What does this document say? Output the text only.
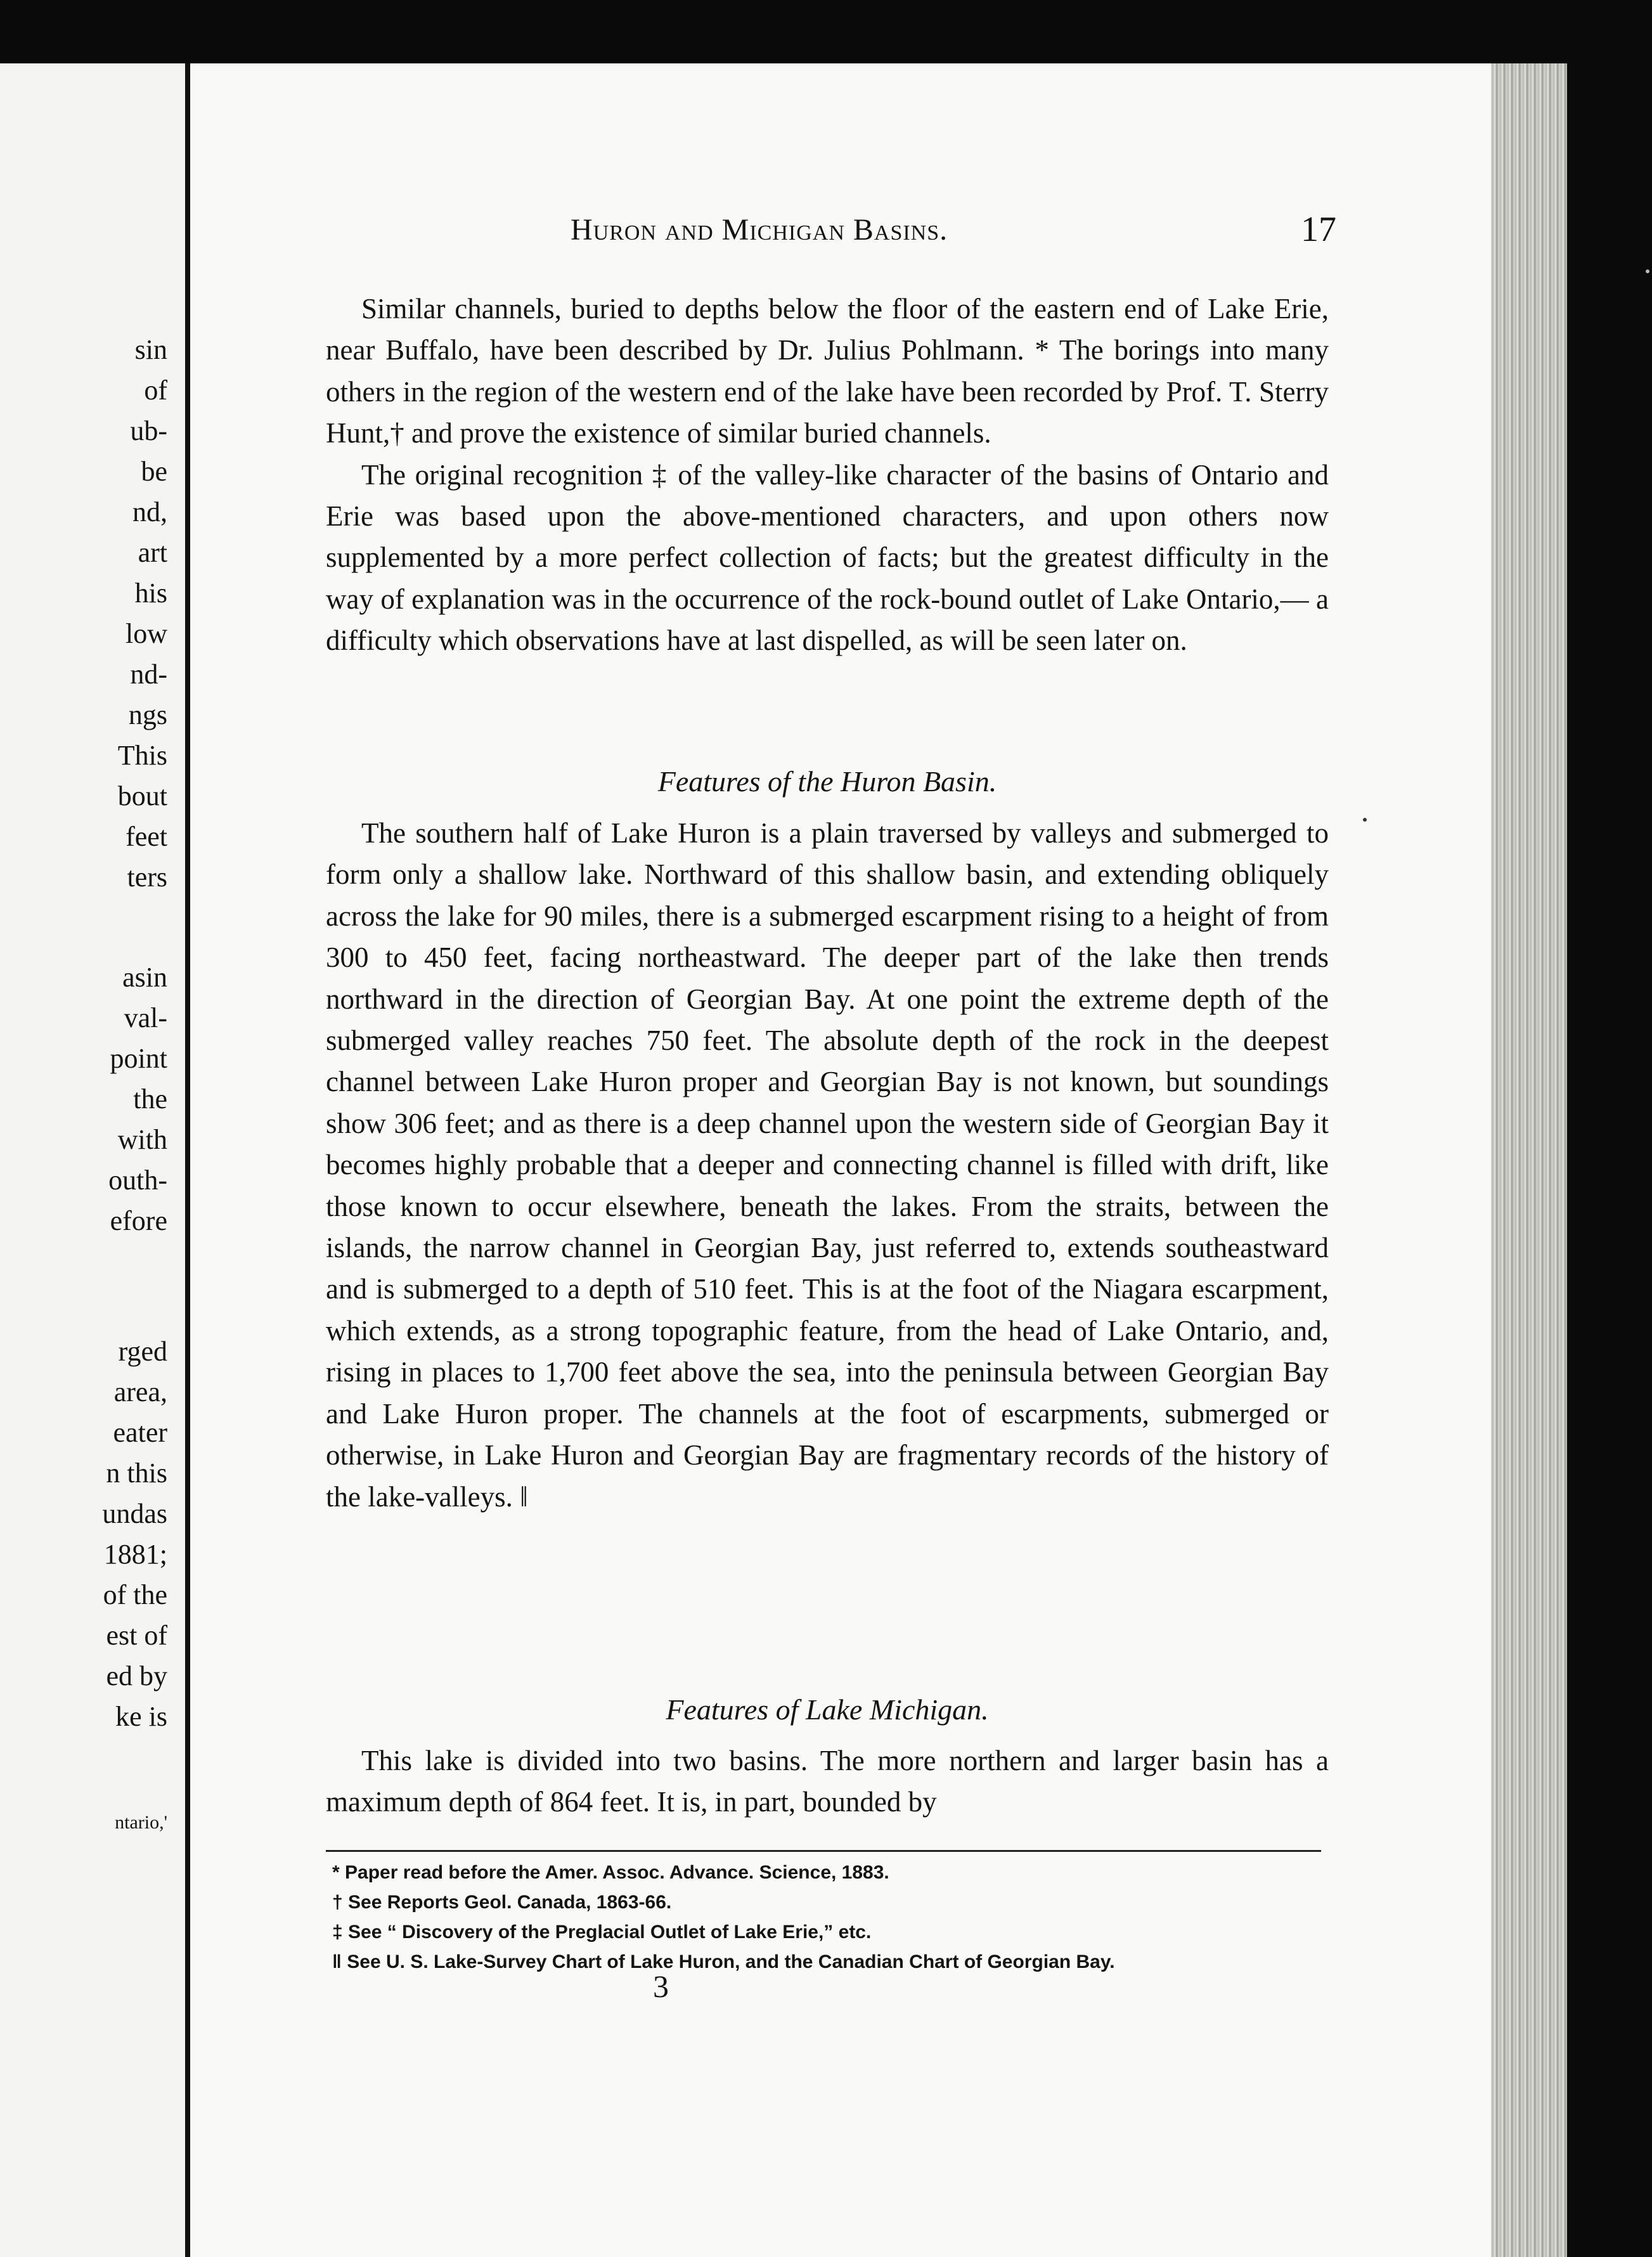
sin
of
ub-
be
nd,
art
his
low
nd-
ngs
This
bout
feet
ters
asin
val-
point
the
with
outh-
efore
rged
area,
eater
n this
undas
1881;
of the
est of
ed by
ke is
ntario,'
Huron and Michigan Basins.	17

Similar channels, buried to depths below the floor of the eastern end of Lake Erie, near Buffalo, have been described by Dr. Julius Pohlmann. * The borings into many others in the region of the western end of the lake have been recorded by Prof. T. Sterry Hunt,† and prove the existence of similar buried channels.

The original recognition ‡ of the valley-like character of the basins of Ontario and Erie was based upon the above-mentioned characters, and upon others now supplemented by a more perfect collection of facts; but the greatest difficulty in the way of explanation was in the occurrence of the rock-bound outlet of Lake Ontario,— a difficulty which observations have at last dispelled, as will be seen later on.

Features of the Huron Basin.

The southern half of Lake Huron is a plain traversed by valleys and submerged to form only a shallow lake. Northward of this shallow basin, and extending obliquely across the lake for 90 miles, there is a submerged escarpment rising to a height of from 300 to 450 feet, facing northeastward. The deeper part of the lake then trends northward in the direction of Georgian Bay. At one point the extreme depth of the submerged valley reaches 750 feet. The absolute depth of the rock in the deepest channel between Lake Huron proper and Georgian Bay is not known, but soundings show 306 feet; and as there is a deep channel upon the western side of Georgian Bay it becomes highly probable that a deeper and connecting channel is filled with drift, like those known to occur elsewhere, beneath the lakes. From the straits, between the islands, the narrow channel in Georgian Bay, just referred to, extends southeastward and is submerged to a depth of 510 feet. This is at the foot of the Niagara escarpment, which extends, as a strong topographic feature, from the head of Lake Ontario, and, rising in places to 1,700 feet above the sea, into the peninsula between Georgian Bay and Lake Huron proper. The channels at the foot of escarpments, submerged or otherwise, in Lake Huron and Georgian Bay are fragmentary records of the history of the lake-valleys. ‖

Features of Lake Michigan.

This lake is divided into two basins. The more northern and larger basin has a maximum depth of 864 feet. It is, in part, bounded by

* Paper read before the Amer. Assoc. Advance. Science, 1883.
† See Reports Geol. Canada, 1863-66.
‡ See “ Discovery of the Preglacial Outlet of Lake Erie,” etc.
‖ See U. S. Lake-Survey Chart of Lake Huron, and the Canadian Chart of Georgian Bay.
3
